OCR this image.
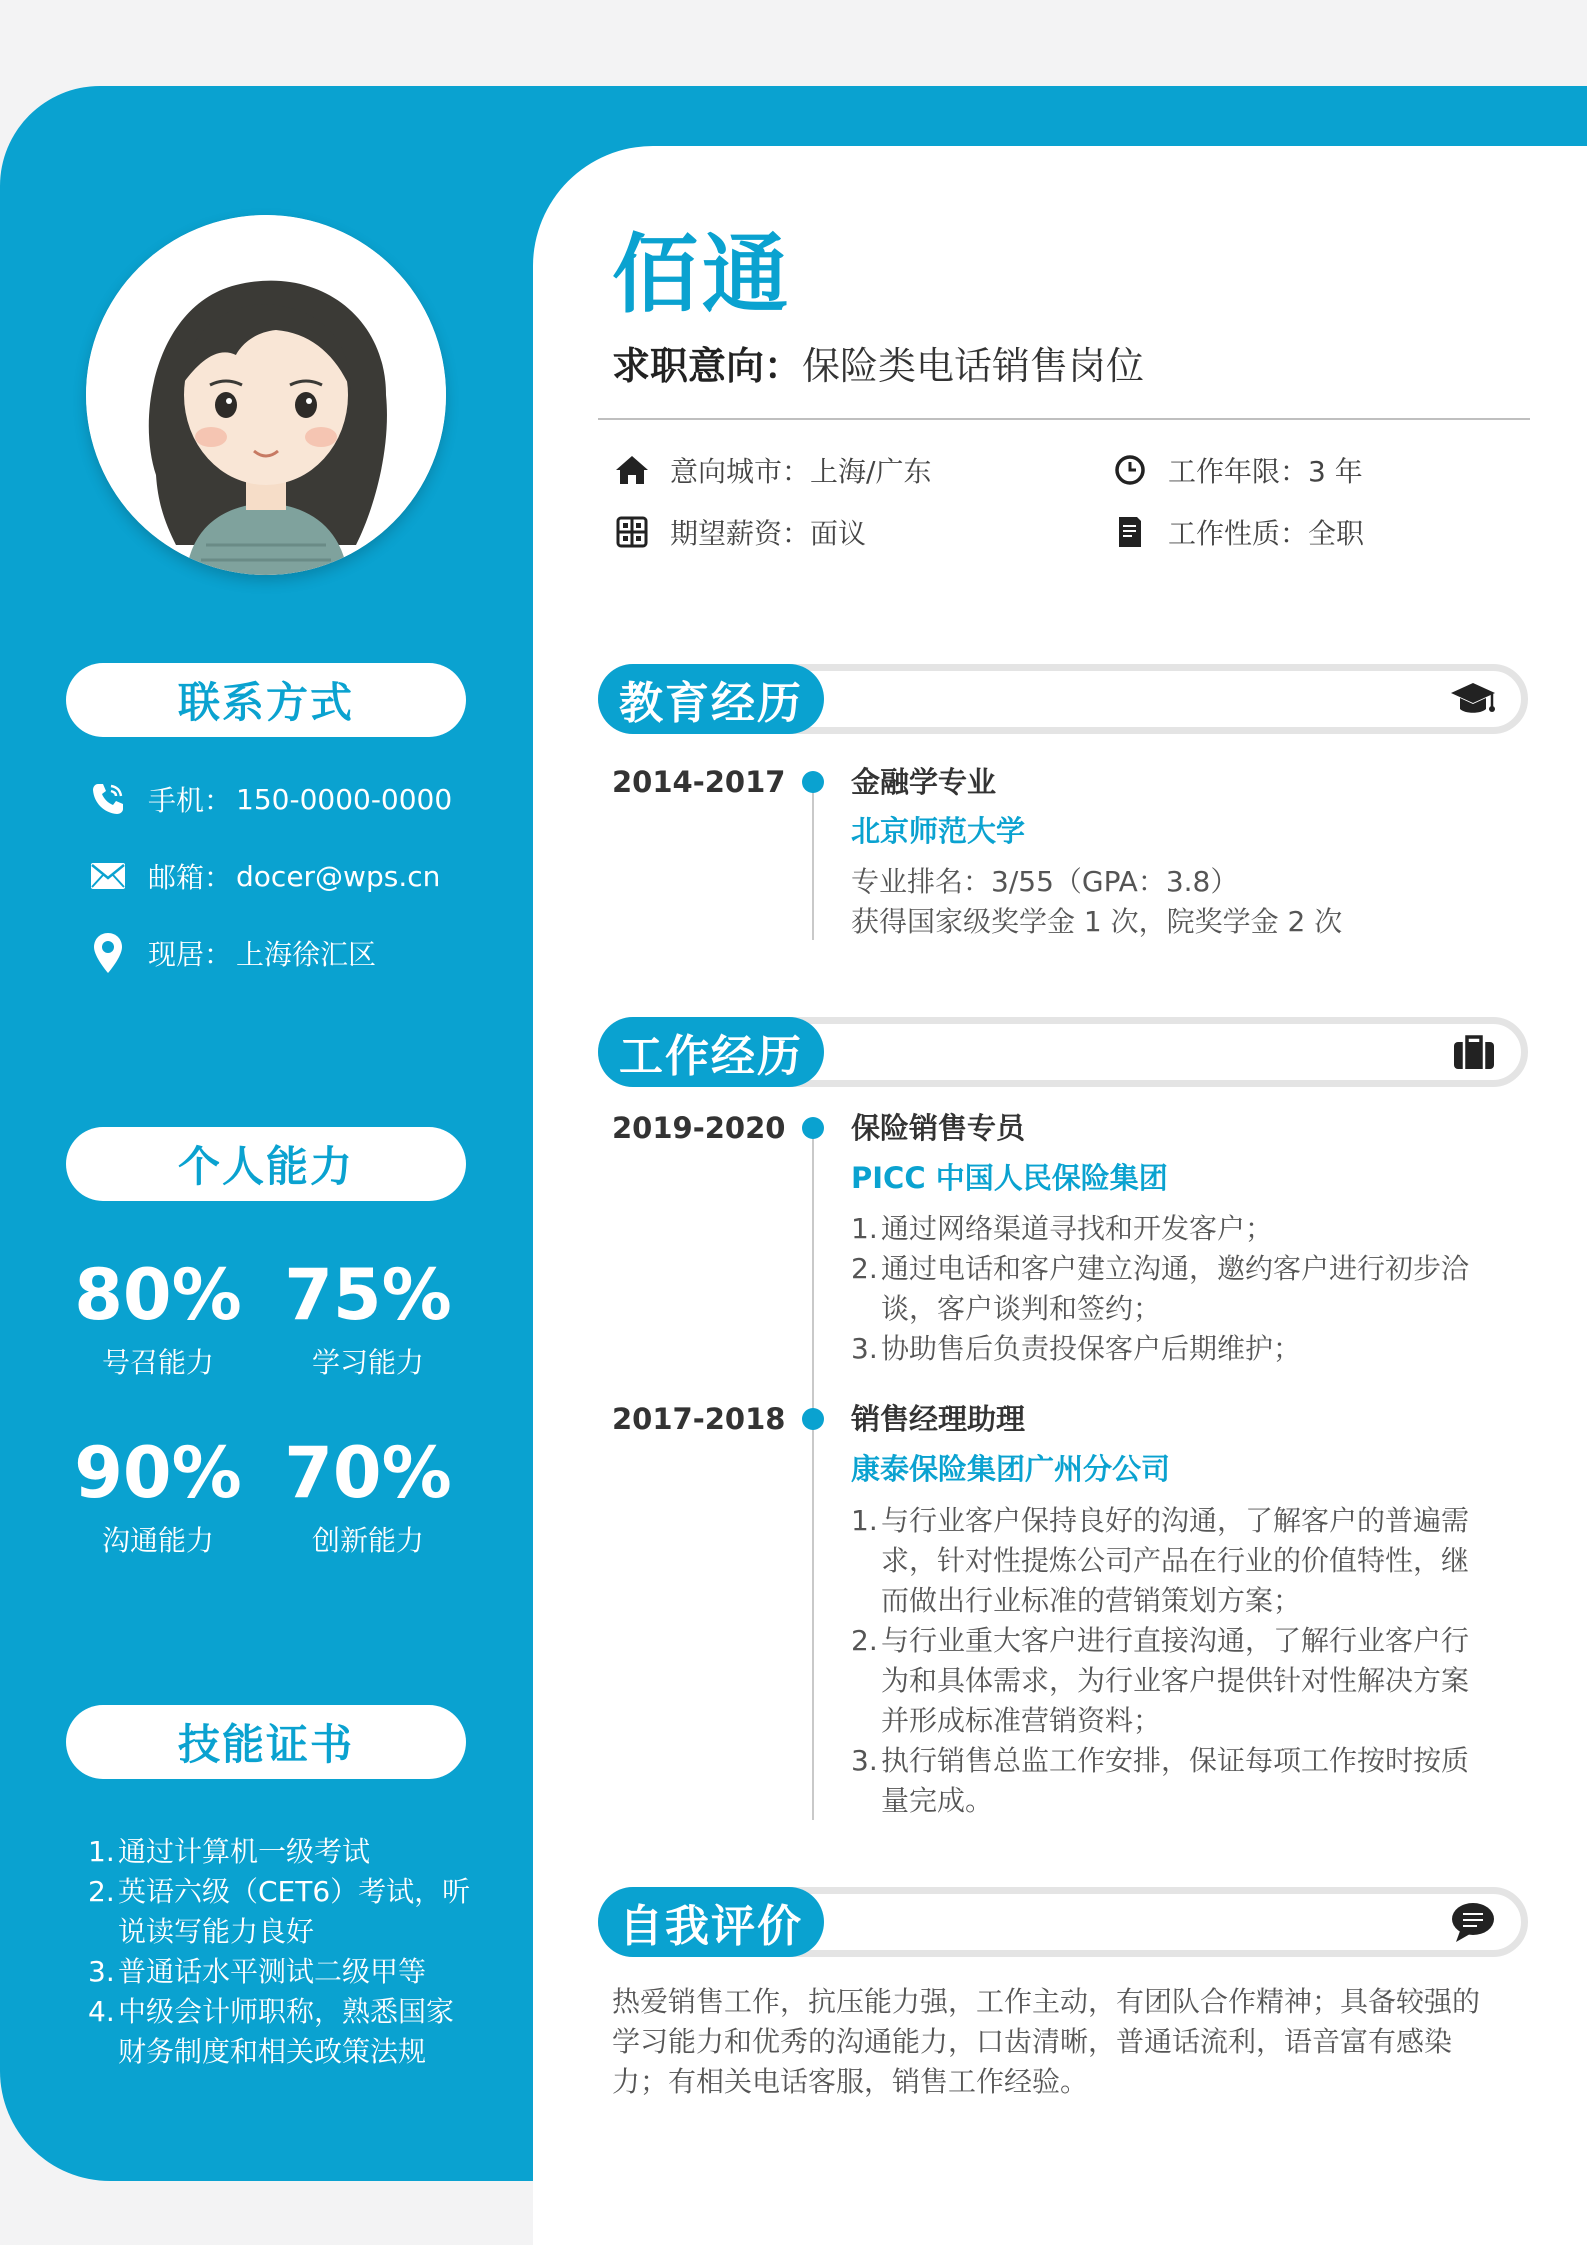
联系方式
手机： 150-0000-0000
邮箱： docer@wps.cn
现居： 上海徐汇区
个人能力
80%
号召能力
75%
学习能力
90%
沟通能力
70%
创新能力
技能证书
1. 通过计算机一级考试
2. 英语六级（CET6）考试，听说读写能力良好
3. 普通话水平测试二级甲等
4. 中级会计师职称，熟悉国家财务制度和相关政策法规
佰通
求职意向：保险类电话销售岗位
意向城市： 上海/广东	工作年限： 3 年
期望薪资： 面议	工作性质： 全职
教育经历
2014-2017 金融学专业
北京师范大学
专业排名：3/55（GPA：3.8）
获得国家级奖学金 1 次，院奖学金 2 次
工作经历
2019-2020 保险销售专员
PICC 中国人民保险集团
1. 通过网络渠道寻找和开发客户；
2. 通过电话和客户建立沟通，邀约客户进行初步洽谈，客户谈判和签约；
3. 协助售后负责投保客户后期维护；
2017-2018 销售经理助理
康泰保险集团广州分公司
1. 与行业客户保持良好的沟通，了解客户的普遍需求，针对性提炼公司产品在行业的价值特性，继而做出行业标准的营销策划方案；
2. 与行业重大客户进行直接沟通，了解行业客户行为和具体需求，为行业客户提供针对性解决方案并形成标准营销资料；
3. 执行销售总监工作安排，保证每项工作按时按质量完成。
自我评价
热爱销售工作，抗压能力强，工作主动，有团队合作精神；具备较强的学习能力和优秀的沟通能力，口齿清晰，普通话流利，语音富有感染力；有相关电话客服，销售工作经验。
